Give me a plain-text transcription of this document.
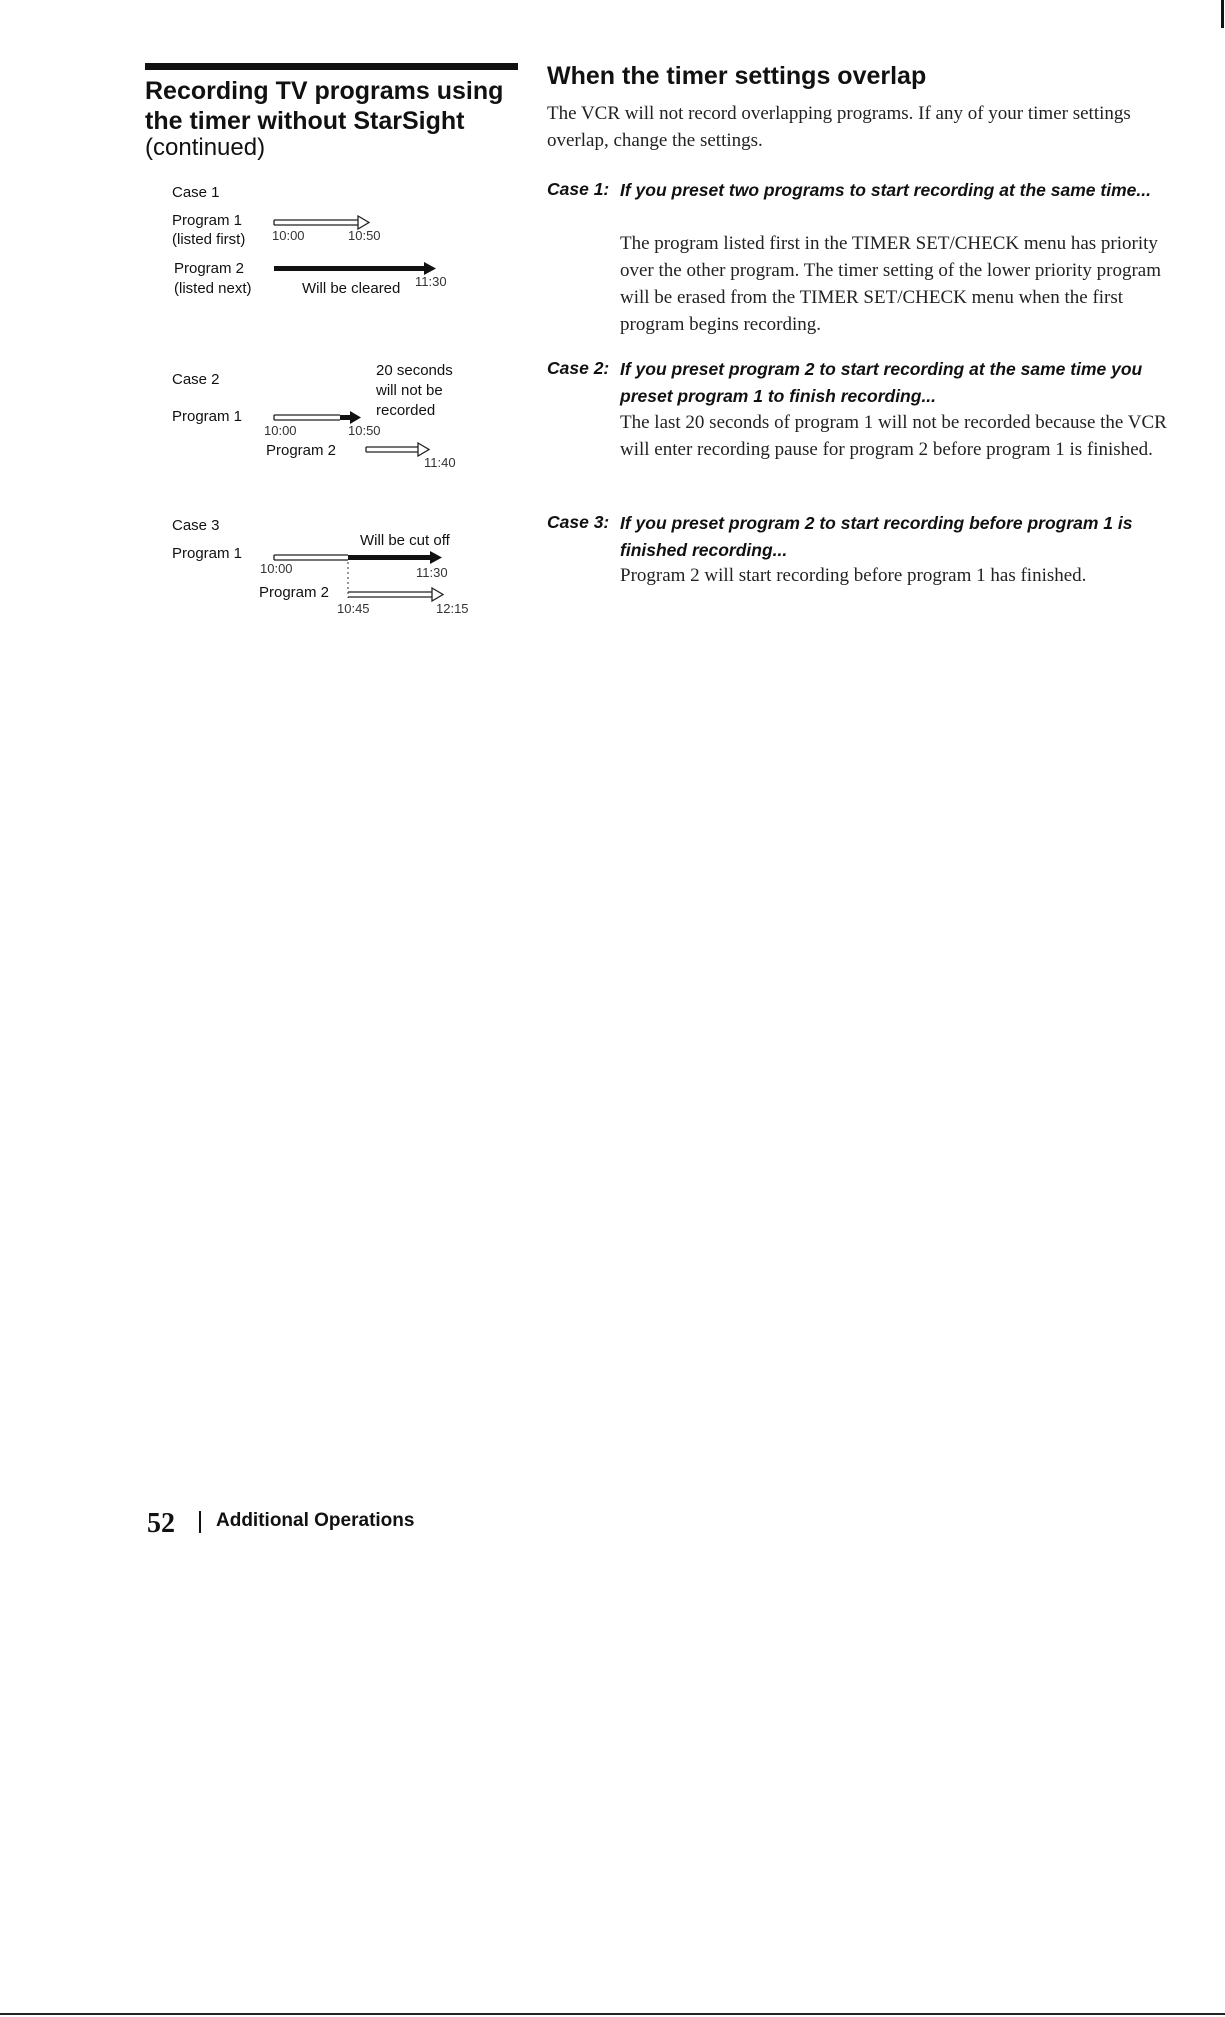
Recording TV programs using the timer without StarSight
(continued)
Case 1
Program 1
(listed first) 10:00	10:50
Program 2
(listed next)	Will be cleared 11:30
Case 2
20 seconds
will not be
recorded
Program 1
10:00	10:50
Program 2
11:40
Case 3
Will be cut off
Program 1
10:00	11:30
Program 2
10:45	12:15
When the timer settings overlap
The VCR will not record overlapping programs. If any of your timer settings overlap, change the settings.
Case 1: If you preset two programs to start recording at the same time...
The program listed first in the TIMER SET/CHECK menu has priority over the other program. The timer setting of the lower priority program will be erased from the TIMER SET/CHECK menu when the first program begins recording.
Case 2: If you preset program 2 to start recording at the same time you preset program 1 to finish recording...
The last 20 seconds of program 1 will not be recorded because the VCR will enter recording pause for program 2 before program 1 is finished.
Case 3: If you preset program 2 to start recording before program 1 is finished recording...
Program 2 will start recording before program 1 has finished.
52 Additional Operations
